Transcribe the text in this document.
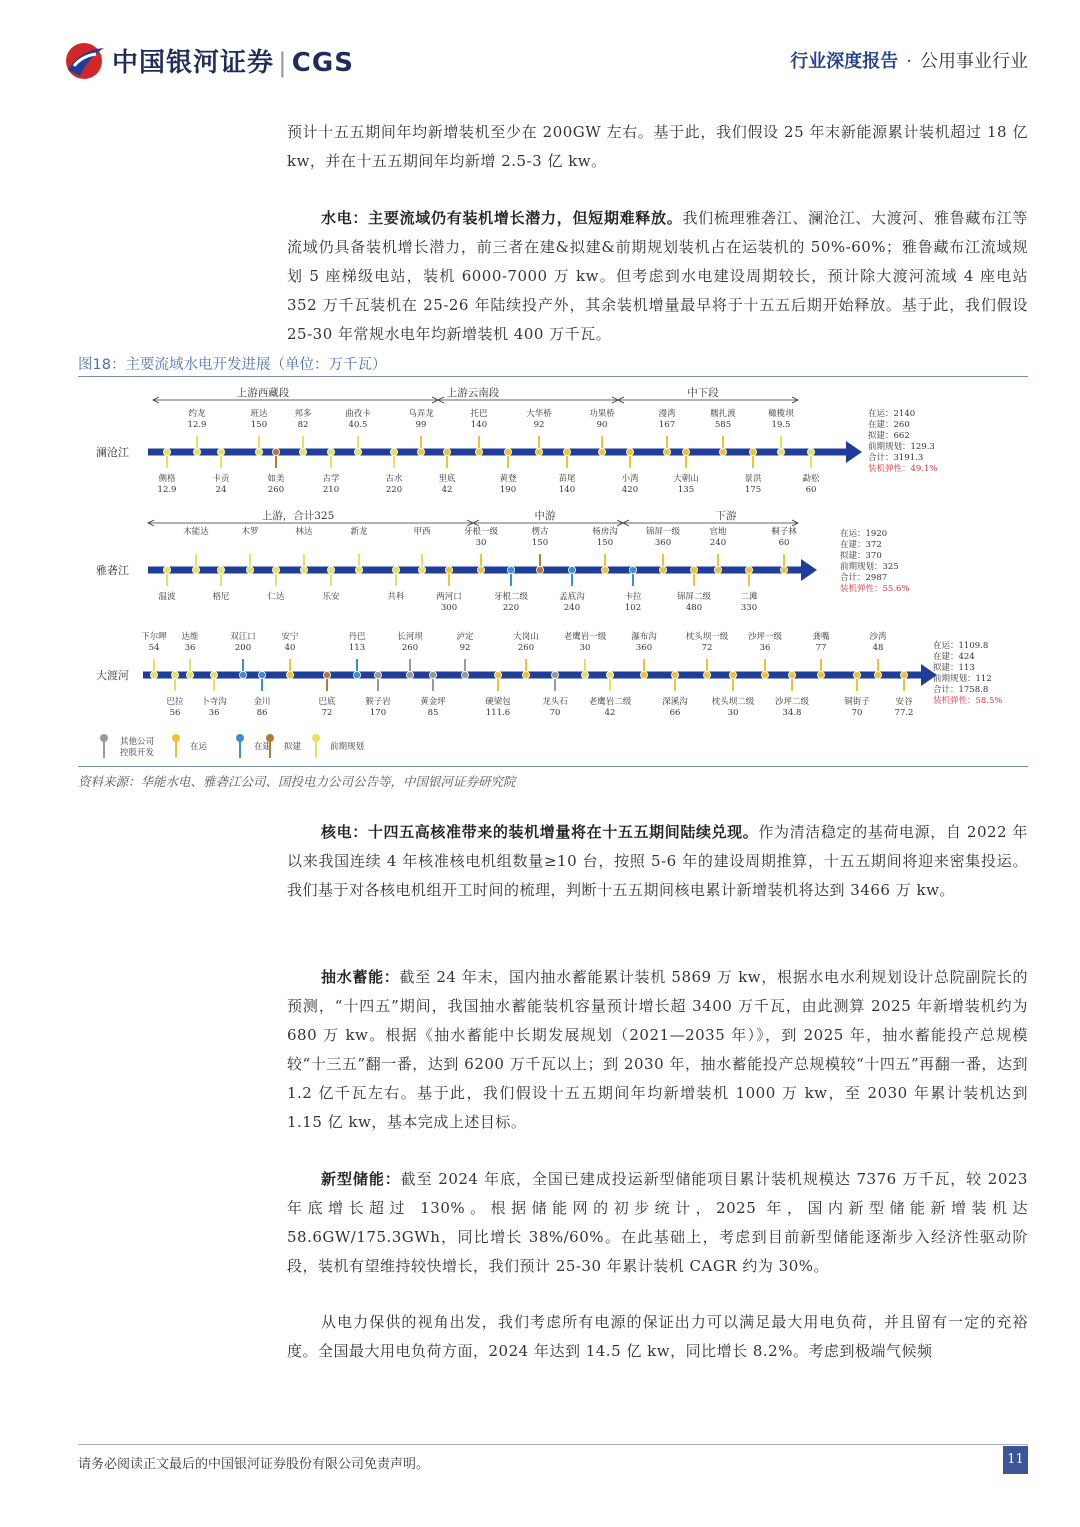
中国银河证券 | CGS	行业深度报告 · 公用事业行业
预计十五五期间年均新增装机至少在 200GW 左右。基于此，我们假设 25 年末新能源累计装机超过 18 亿 kw，并在十五五期间年均新增 2.5-3 亿 kw。
水电：主要流域仍有装机增长潜力，但短期难释放。我们梳理雅砻江、澜沧江、大渡河、雅鲁藏布江等流域仍具备装机增长潜力，前三者在建&拟建&前期规划装机占在运装机的 50%-60%；雅鲁藏布江流域规划 5 座梯级电站，装机 6000-7000 万 kw。但考虑到水电建设周期较长，预计除大渡河流域 4 座电站 352 万千瓦装机在 25-26 年陆续投产外，其余装机增量最早将于十五五后期开始释放。基于此，我们假设 25-30 年常规水电年均新增装机 400 万千瓦。
图18：主要流域水电开发进展（单位：万千瓦）
澜沧江
上游西藏段	上游云南段	中下段
约龙
12.9
班达
150
邦多
82
曲孜卡
40.5
乌弄龙
99
托巴
140
大华桥
92
功果桥
90
漫湾
167
糯扎渡
585
橄榄坝
19.5
侧格
12.9
卡贡
24
如美
260
古学
210
古水
220
里底
42
黄登
190
苗尾
140
小湾
420
大朝山
135
景洪
175
勐松
60
在运：2140
在建：260
拟建：662
前期规划：129.3
合计：3191.3
装机弹性：49.1%
雅砻江
上游，合计325	中游	下游
木能达	木罗	林达	新龙	甲西	牙根一级
30
楞古
150
杨房沟
150
锦屏一级
360
官地
240
桐子林
60
温波	格尼	仁达	乐安	共科	两河口
300
牙根二级
220
孟底沟
240
卡拉
102
锦屏二级
480
二滩
330
在运：1920
在建：372
拟建：370
前期规划：325
合计：2987
装机弹性：55.6%
大渡河
下尔呷
54
达维
36
双江口
200
安宁
40
丹巴
113
长河坝
260
泸定
92
大岗山
260
老鹰岩一级
30
瀑布沟
360
枕头坝一级
72
沙坪一级
36
龚嘴
77
沙湾
48
巴拉
56
卜寺沟
36
金川
86
巴底
72
猴子岩
170
黄金坪
85
硬梁包
111.6
龙头石
70
老鹰岩二级
42
深溪沟
66
枕头坝二级
30
沙坪二级
34.8
铜街子
70
安谷
77.2
在运：1109.8
在建：424
拟建：113
前期规划：112
合计：1758.8
装机弹性：58.5%
其他公司
控股开发
在运	在建 拟建	前期规划
资料来源：华能水电、雅砻江公司、国投电力公司公告等，中国银河证券研究院
核电：十四五高核准带来的装机增量将在十五五期间陆续兑现。作为清洁稳定的基荷电源，自 2022 年以来我国连续 4 年核准核电机组数量≥10 台，按照 5-6 年的建设周期推算，十五五期间将迎来密集投运。我们基于对各核电机组开工时间的梳理，判断十五五期间核电累计新增装机将达到 3466 万 kw。
抽水蓄能：截至 24 年末，国内抽水蓄能累计装机 5869 万 kw，根据水电水利规划设计总院副院长的预测，“十四五”期间，我国抽水蓄能装机容量预计增长超 3400 万千瓦，由此测算 2025 年新增装机约为 680 万 kw。根据《抽水蓄能中长期发展规划（2021—2035 年）》，到 2025 年，抽水蓄能投产总规模较“十三五”翻一番，达到 6200 万千瓦以上；到 2030 年，抽水蓄能投产总规模较“十四五”再翻一番，达到 1.2 亿千瓦左右。基于此，我们假设十五五期间年均新增装机 1000 万 kw，至 2030 年累计装机达到 1.15 亿 kw，基本完成上述目标。
新型储能：截至 2024 年底，全国已建成投运新型储能项目累计装机规模达 7376 万千瓦，较 2023 年底增长超过 130%。根据储能网的初步统计，2025 年，国内新型储能新增装机达 58.6GW/175.3GWh，同比增长 38%/60%。在此基础上，考虑到目前新型储能逐渐步入经济性驱动阶段，装机有望维持较快增长，我们预计 25-30 年累计装机 CAGR 约为 30%。
从电力保供的视角出发，我们考虑所有电源的保证出力可以满足最大用电负荷，并且留有一定的充裕度。全国最大用电负荷方面，2024 年达到 14.5 亿 kw，同比增长 8.2%。考虑到极端气候频
请务必阅读正文最后的中国银河证券股份有限公司免责声明。	11
